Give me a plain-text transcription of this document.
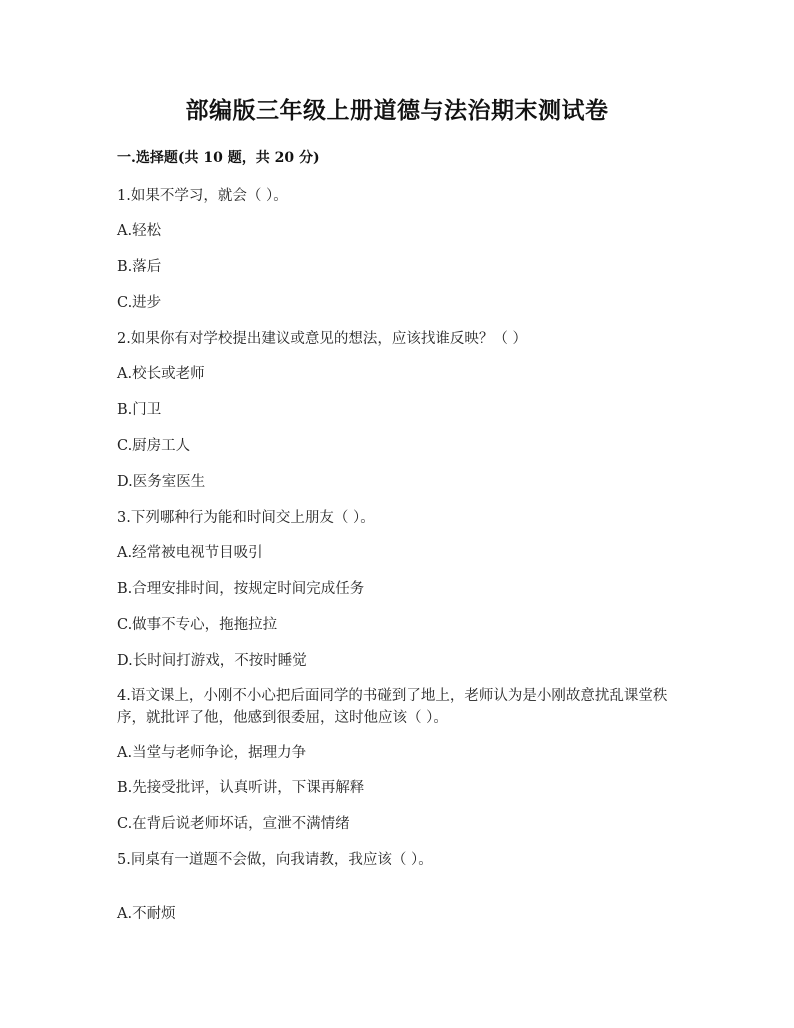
部编版三年级上册道德与法治期末测试卷
一.选择题(共 10 题，共 20 分)
1.如果不学习，就会（ ）。
A.轻松
B.落后
C.进步
2.如果你有对学校提出建议或意见的想法，应该找谁反映？（ ）
A.校长或老师
B.门卫
C.厨房工人
D.医务室医生
3.下列哪种行为能和时间交上朋友（ ）。
A.经常被电视节目吸引
B.合理安排时间，按规定时间完成任务
C.做事不专心，拖拖拉拉
D.长时间打游戏，不按时睡觉
4.语文课上，小刚不小心把后面同学的书碰到了地上，老师认为是小刚故意扰乱课堂秩序，就批评了他，他感到很委屈，这时他应该（ ）。
A.当堂与老师争论，据理力争
B.先接受批评，认真听讲，下课再解释
C.在背后说老师坏话，宣泄不满情绪
5.同桌有一道题不会做，向我请教，我应该（ ）。
A.不耐烦
